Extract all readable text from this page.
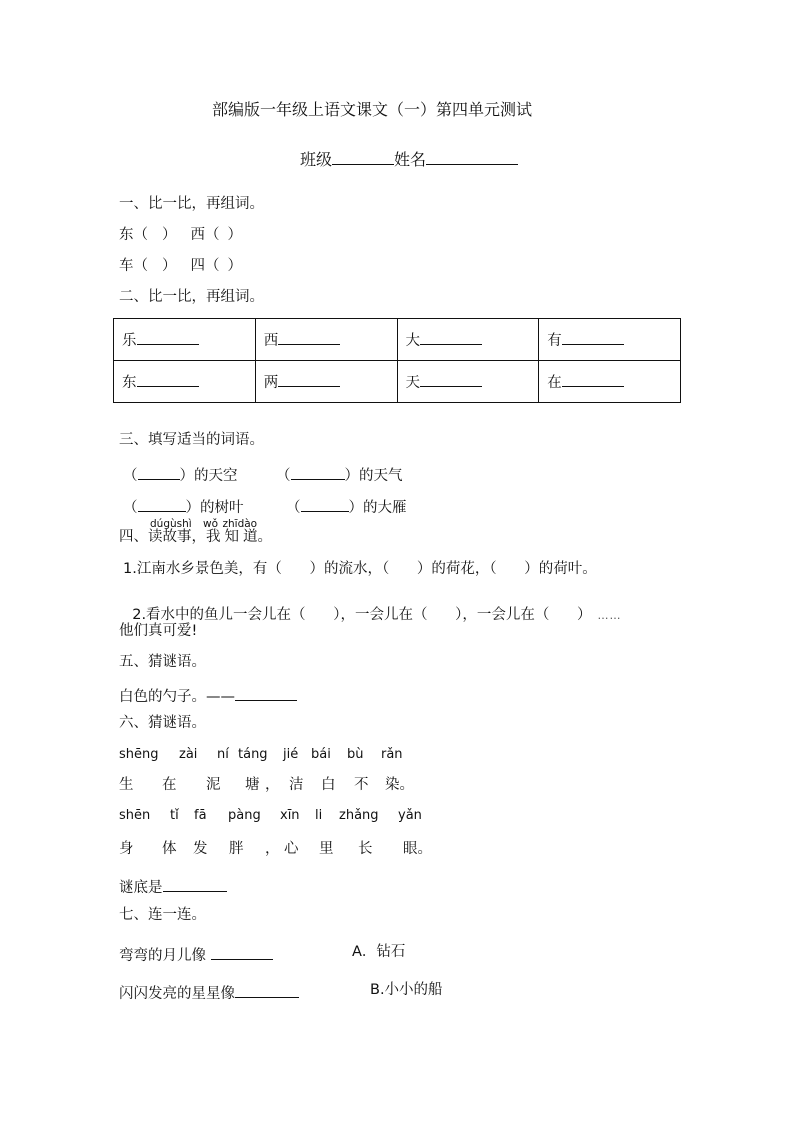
部编版一年级上语文课文（一）第四单元测试
班级	姓名
一、比一比，再组词。
东（ ） 西（ ）
车（ ） 四（ ）
二、比一比，再组词。
乐	西	大	有
东	两	天	在
三、填写适当的词语。
（	）的天空	（	）的天气
（	）的树叶	（	）的大雁
四、
dúgùshì
读故事，
wǒ
我
zhīdào
知 道。
1.江南水乡景色美，有（      ）的流水，（      ）的荷花，（      ）的荷叶。

2.看水中的鱼儿一会儿在（      ），一会儿在（      ），一会儿在（      ） ……

他们真可爱!
五、猜谜语。
白色的勺子。——
六、猜谜语。
shēng zài ní táng jié bái bù rǎn
生 在 泥 塘 ， 洁 白 不 染。
shēn tǐ fā pàng xīn li zhǎng yǎn
身 体 发 胖 ， 心 里 长 眼。
谜底是
七、连一连。
弯弯的月儿像	A．钻石
闪闪发亮的星星像	B.小小的船
